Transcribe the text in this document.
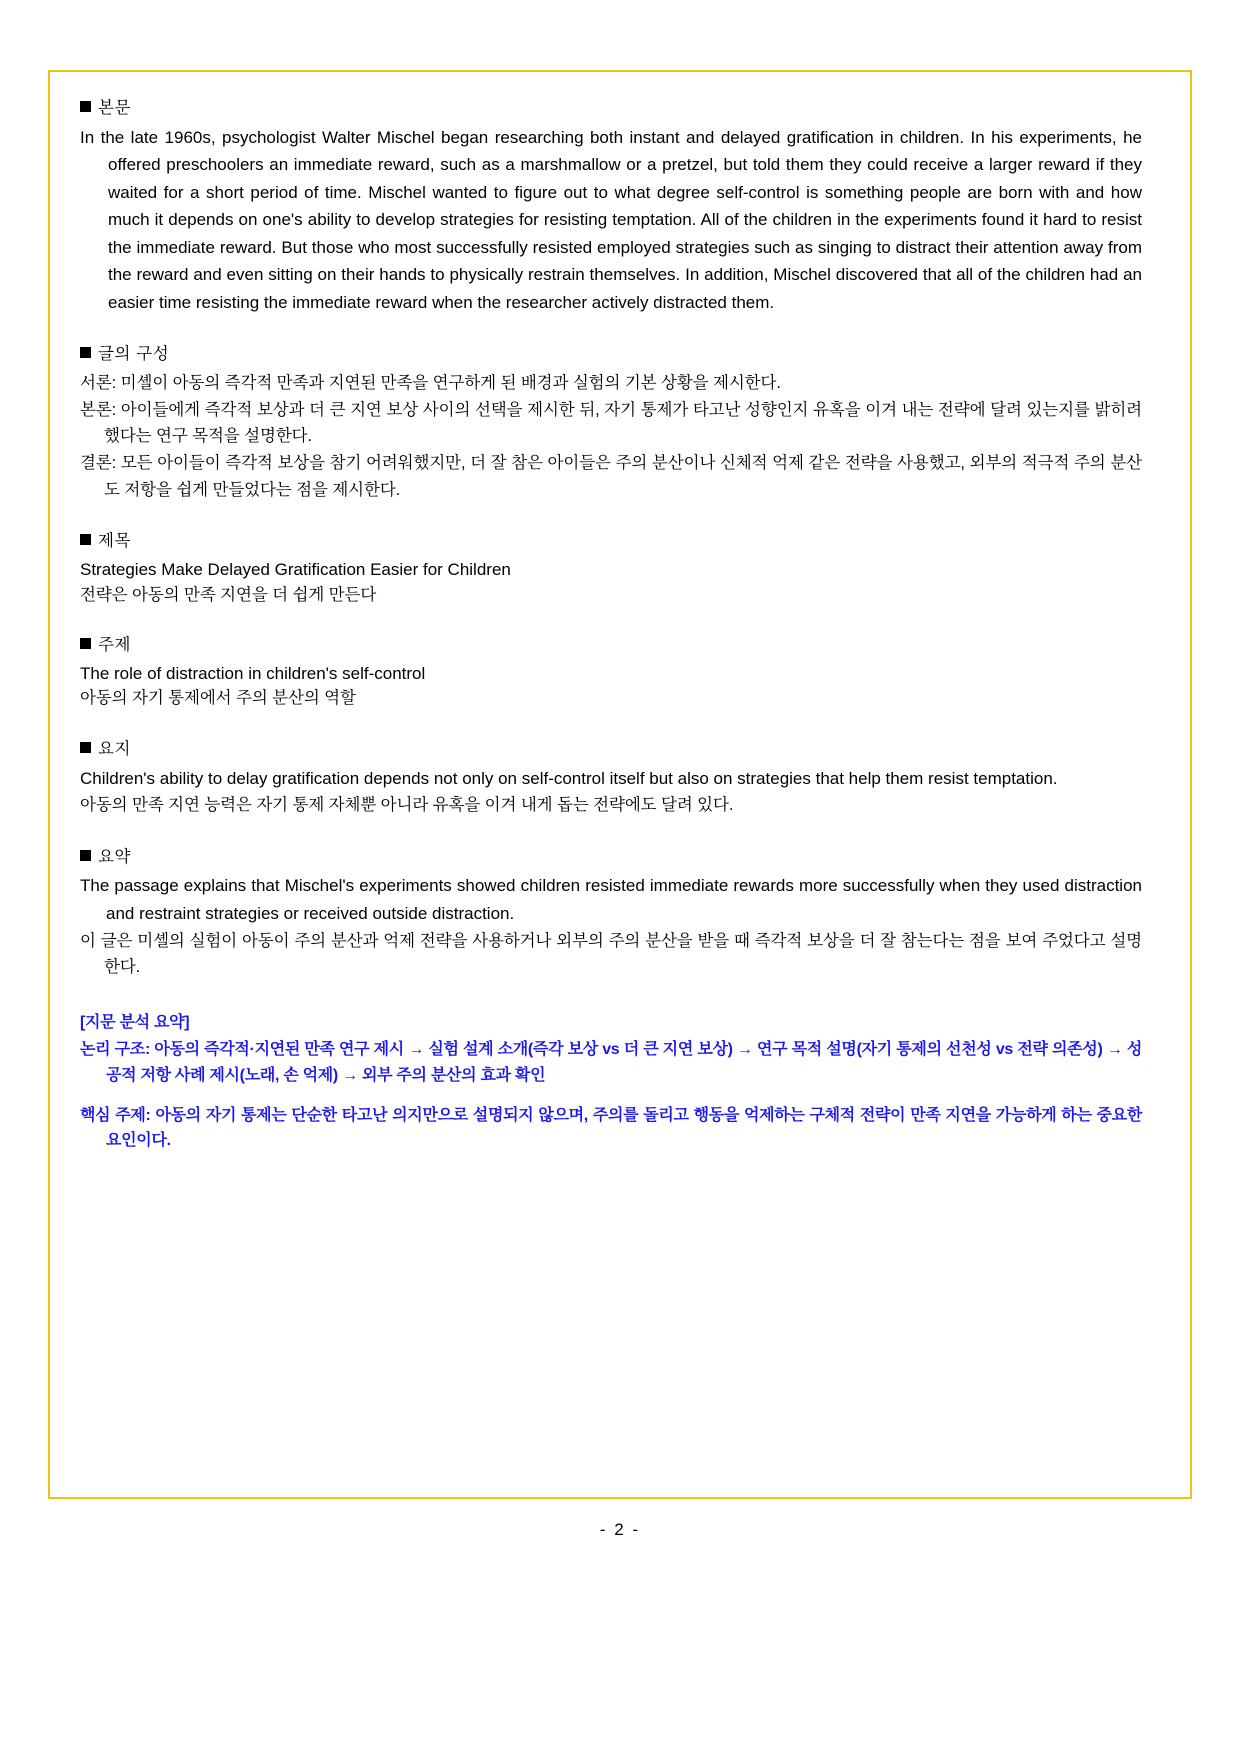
본문

In the late 1960s, psychologist Walter Mischel began researching both instant and delayed gratification in children. In his experiments, he offered preschoolers an immediate reward, such as a marshmallow or a pretzel, but told them they could receive a larger reward if they waited for a short period of time. Mischel wanted to figure out to what degree self-control is something people are born with and how much it depends on one's ability to develop strategies for resisting temptation. All of the children in the experiments found it hard to resist the immediate reward. But those who most successfully resisted employed strategies such as singing to distract their attention away from the reward and even sitting on their hands to physically restrain themselves. In addition, Mischel discovered that all of the children had an easier time resisting the immediate reward when the researcher actively distracted them.

글의 구성

서론: 미셸이 아동의 즉각적 만족과 지연된 만족을 연구하게 된 배경과 실험의 기본 상황을 제시한다.

본론: 아이들에게 즉각적 보상과 더 큰 지연 보상 사이의 선택을 제시한 뒤, 자기 통제가 타고난 성향인지 유혹을 이겨 내는 전략에 달려 있는지를 밝히려 했다는 연구 목적을 설명한다.

결론: 모든 아이들이 즉각적 보상을 참기 어려워했지만, 더 잘 참은 아이들은 주의 분산이나 신체적 억제 같은 전략을 사용했고, 외부의 적극적 주의 분산도 저항을 쉽게 만들었다는 점을 제시한다.

제목

Strategies Make Delayed Gratification Easier for Children

전략은 아동의 만족 지연을 더 쉽게 만든다

주제

The role of distraction in children's self-control

아동의 자기 통제에서 주의 분산의 역할

요지

Children's ability to delay gratification depends not only on self-control itself but also on strategies that help them resist temptation.

아동의 만족 지연 능력은 자기 통제 자체뿐 아니라 유혹을 이겨 내게 돕는 전략에도 달려 있다.

요약

The passage explains that Mischel's experiments showed children resisted immediate rewards more successfully when they used distraction and restraint strategies or received outside distraction.

이 글은 미셸의 실험이 아동이 주의 분산과 억제 전략을 사용하거나 외부의 주의 분산을 받을 때 즉각적 보상을 더 잘 참는다는 점을 보여 주었다고 설명한다.

[지문 분석 요약]

논리 구조: 아동의 즉각적·지연된 만족 연구 제시 → 실험 설계 소개(즉각 보상 vs 더 큰 지연 보상) → 연구 목적 설명(자기 통제의 선천성 vs 전략 의존성) → 성공적 저항 사례 제시(노래, 손 억제) → 외부 주의 분산의 효과 확인

핵심 주제: 아동의 자기 통제는 단순한 타고난 의지만으로 설명되지 않으며, 주의를 돌리고 행동을 억제하는 구체적 전략이 만족 지연을 가능하게 하는 중요한 요인이다.

- 2 -
